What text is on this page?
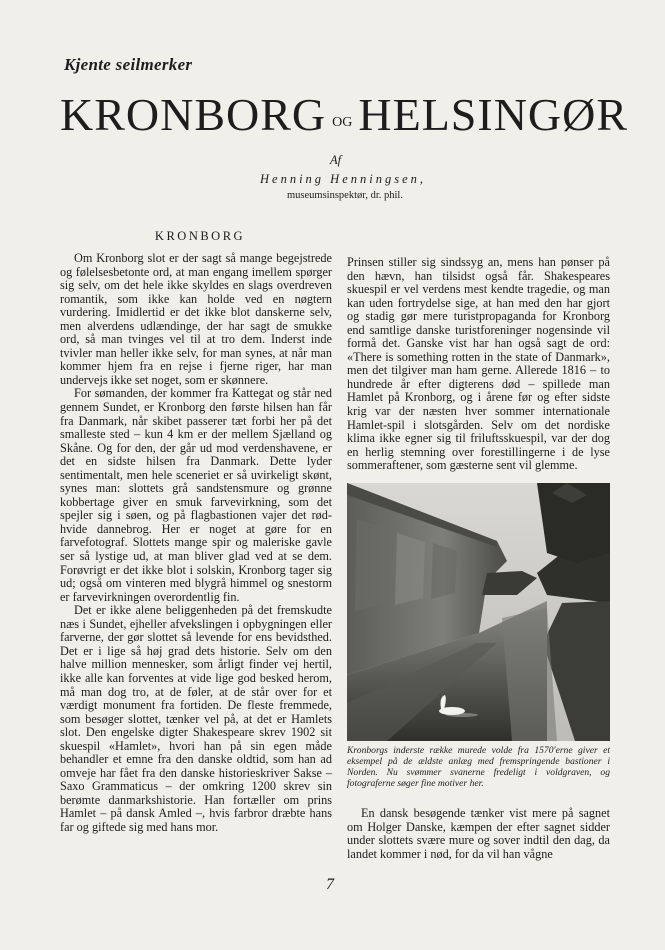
Kjente seilmerker
KRONBORG OG HELSINGØR
Af
Henning Henningsen,
museumsinspektør, dr. phil.
KRONBORG

Om Kronborg slot er der sagt så mange begejstrede og følelsesbetonte ord, at man engang imellem spørger sig selv, om det hele ikke skyldes en slags overdreven romantik, som ikke kan holde ved en nøgtern vurdering. Imidlertid er det ikke blot danskerne selv, men alverdens udlændinge, der har sagt de smukke ord, så man tvinges vel til at tro dem. Inderst inde tvivler man heller ikke selv, for man synes, at når man kommer hjem fra en rejse i fjerne riger, har man undervejs ikke set noget, som er skønnere.

For sømanden, der kommer fra Kattegat og står ned gennem Sundet, er Kronborg den første hilsen han får fra Danmark, når skibet passerer tæt forbi her på det smalleste sted – kun 4 km er der mellem Sjælland og Skåne. Og for den, der går ud mod verdenshavene, er det en sidste hilsen fra Danmark. Dette lyder sentimentalt, men hele sceneriet er så uvirkeligt skønt, synes man: slottets grå sandstensmure og grønne kobbertage giver en smuk farvevirkning, som det spejler sig i søen, og på flagbastionen vajer det rød-hvide dannebrog. Her er noget at gøre for en farvefotograf. Slottets mange spir og maleriske gavle ser så lystige ud, at man bliver glad ved at se dem. Forøvrigt er det ikke blot i solskin, Kronborg tager sig ud; også om vinteren med blygrå himmel og snestorm er farvevirkningen overordentlig fin.

Det er ikke alene beliggenheden på det fremskudte næs i Sundet, ejheller afvekslingen i opbygningen eller farverne, der gør slottet så levende for ens bevidsthed. Det er i lige så høj grad dets historie. Selv om den halve million mennesker, som årligt finder vej hertil, ikke alle kan forventes at vide lige god besked herom, må man dog tro, at de føler, at de står over for et værdigt monument fra fortiden. De fleste fremmede, som besøger slottet, tænker vel på, at det er Hamlets slot. Den engelske digter Shakespeare skrev 1902 sit skuespil «Hamlet», hvori han på sin egen måde behandler et emne fra den danske oldtid, som han ad omveje har fået fra den danske historieskriver Sakse – Saxo Grammaticus – der omkring 1200 skrev sin berømte danmarkshistorie. Han fortæller om prins Hamlet – på dansk Amled –, hvis farbror dræbte hans far og giftede sig med hans mor.

Prinsen stiller sig sindssyg an, mens han pønser på den hævn, han tilsidst også får. Shakespeares skuespil er vel verdens mest kendte tragedie, og man kan uden fortrydelse sige, at han med den har gjort og stadig gør mere turistpropaganda for Kronborg end samtlige danske turistforeninger nogensinde vil formå det. Ganske vist har han også sagt de ord: «There is something rotten in the state of Danmark», men det tilgiver man ham gerne. Allerede 1816 – to hundrede år efter digterens død – spillede man Hamlet på Kronborg, og i årene før og efter sidste krig var der næsten hver sommer internationale Hamlet-spil i slotsgården. Selv om det nordiske klima ikke egner sig til friluftsskuespil, var der dog en herlig stemning over forestillingerne i de lyse sommeraftener, som gæsterne sent vil glemme.

Kronborgs inderste række murede volde fra 1570'erne giver et eksempel på de ældste anlæg med fremspringende bastioner i Norden. Nu svømmer svanerne fredeligt i voldgraven, og fotograferne søger fine motiver her.

En dansk besøgende tænker vist mere på sagnet om Holger Danske, kæmpen der efter sagnet sidder under slottets svære mure og sover indtil den dag, da landet kommer i nød, for da vil han vågne

7
